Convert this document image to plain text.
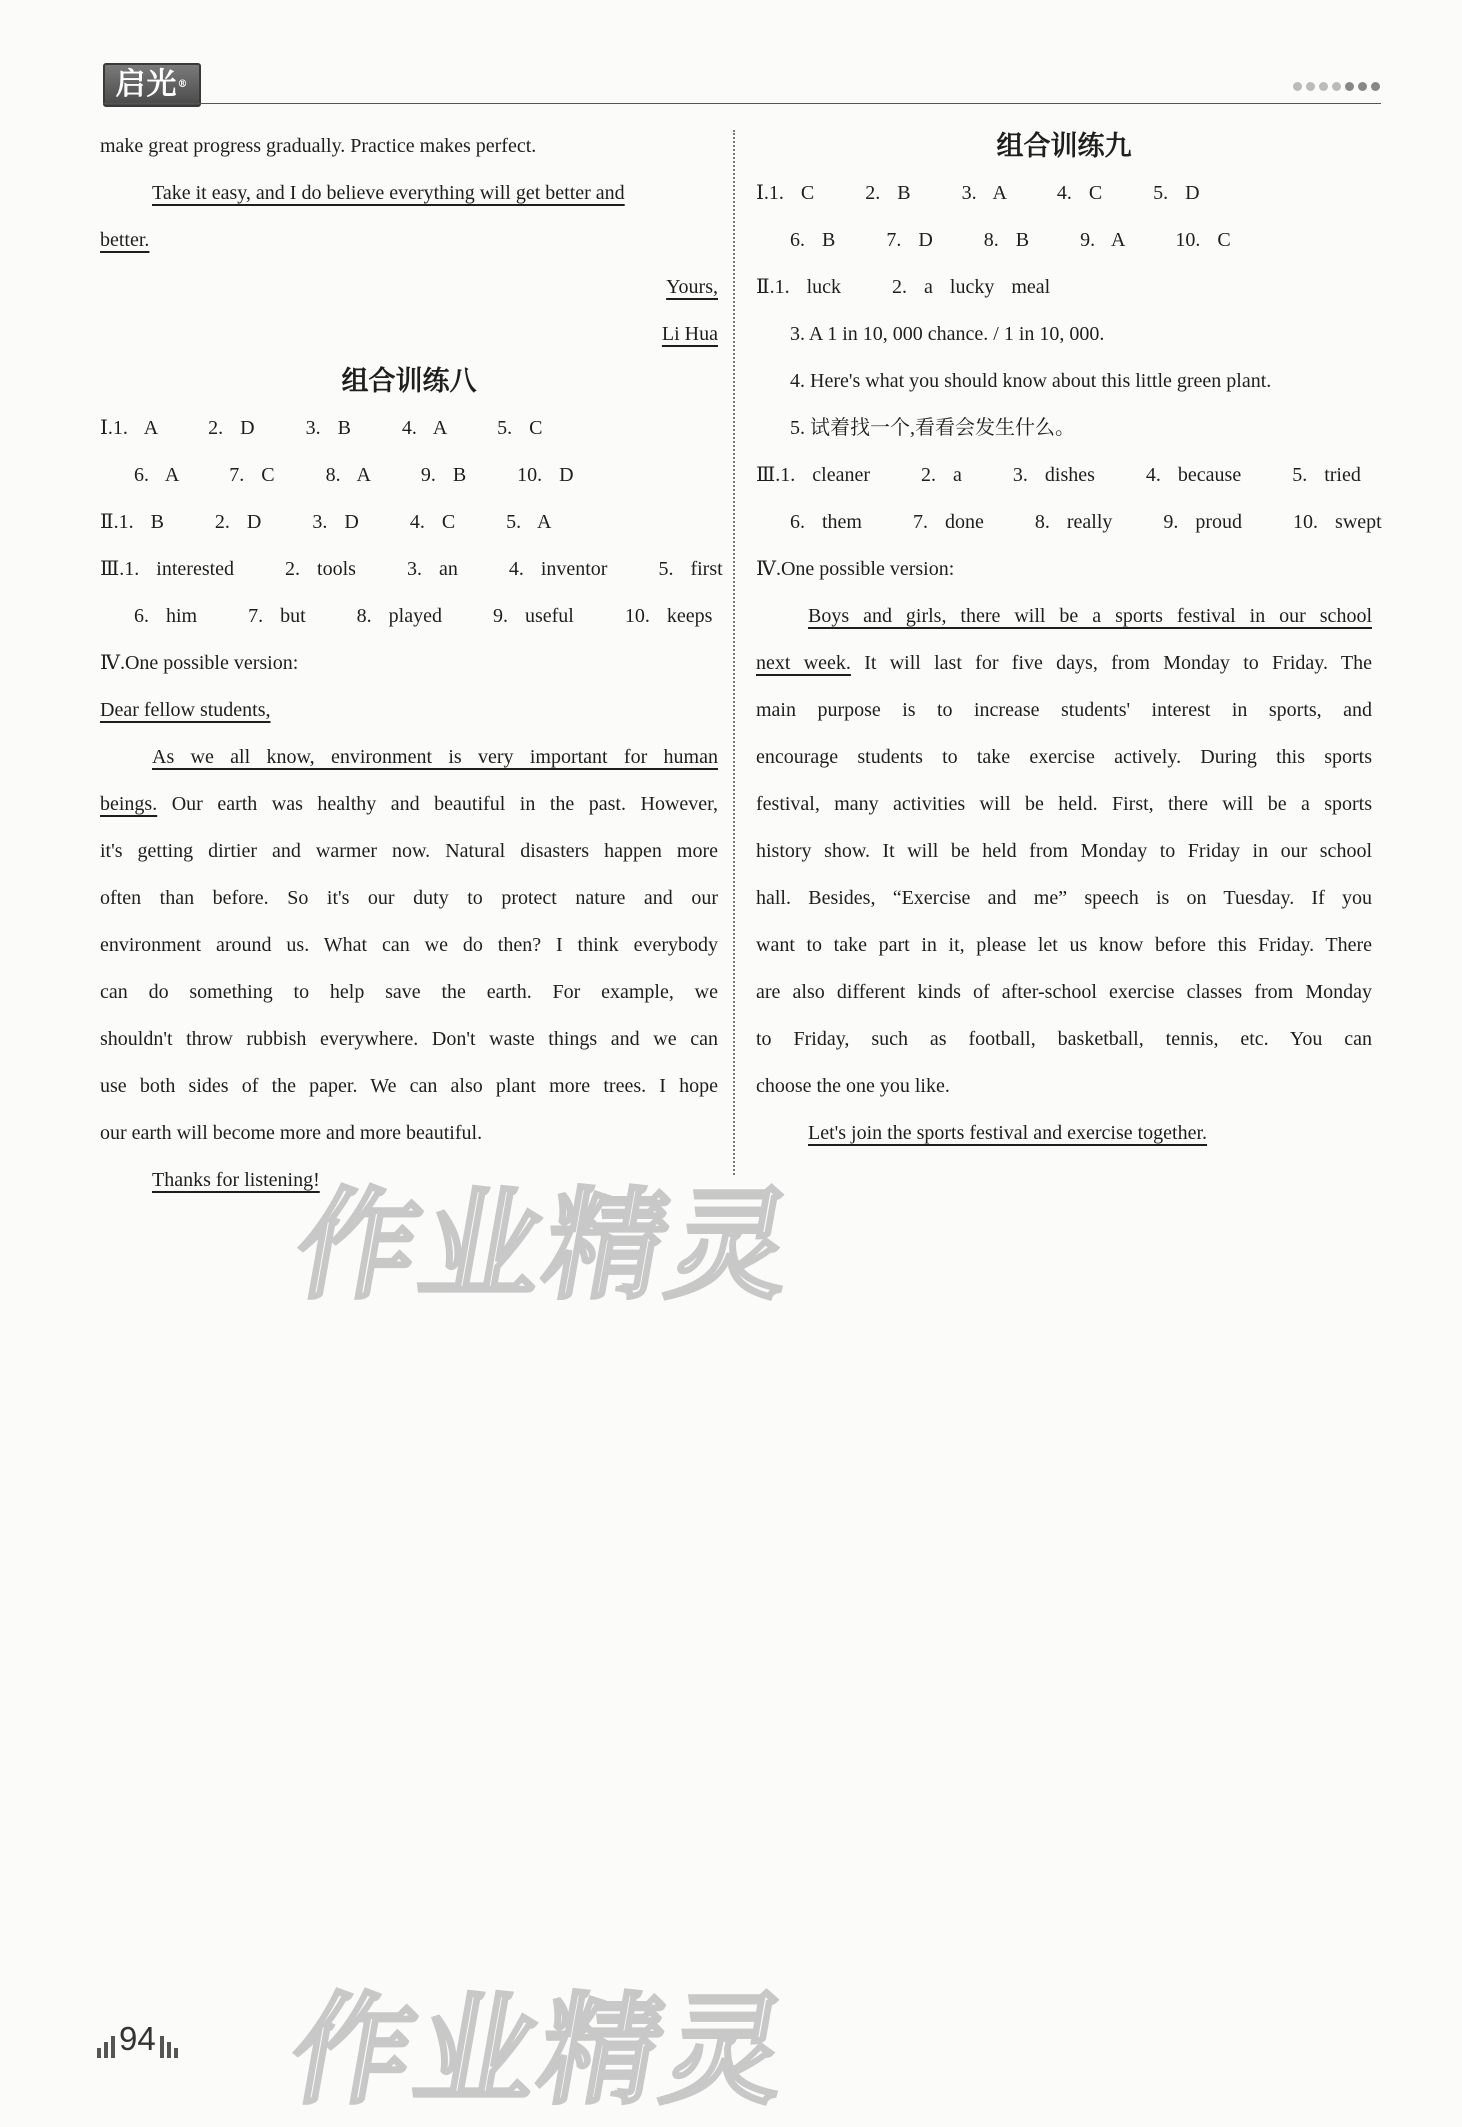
启光®
make great progress gradually. Practice makes perfect.
Take it easy, and I do believe everything will get better and
better.
Yours,
Li Hua
组合训练八
Ⅰ.1. A   2. D   3. B   4. A   5. C
6. A   7. C   8. A   9. B   10. D
Ⅱ.1. B   2. D   3. D   4. C   5. A
Ⅲ.1. interested   2. tools   3. an   4. inventor   5. first
6. him   7. but   8. played   9. useful   10. keeps
Ⅳ.One possible version:
Dear fellow students,
As we all know, environment is very important for human
beings. Our earth was healthy and beautiful in the past. However,
it's getting dirtier and warmer now. Natural disasters happen more
often than before. So it's our duty to protect nature and our
environment around us. What can we do then? I think everybody
can do something to help save the earth. For example, we
shouldn't throw rubbish everywhere. Don't waste things and we can
use both sides of the paper. We can also plant more trees. I hope
our earth will become more and more beautiful.
Thanks for listening!
组合训练九
Ⅰ.1. C   2. B   3. A   4. C   5. D
6. B   7. D   8. B   9. A   10. C
Ⅱ.1. luck   2. a lucky meal
3. A 1 in 10, 000 chance. / 1 in 10, 000.
4. Here's what you should know about this little green plant.
5. 试着找一个,看看会发生什么。
Ⅲ.1. cleaner   2. a   3. dishes   4. because   5. tried
6. them   7. done   8. really   9. proud   10. swept
Ⅳ.One possible version:
Boys and girls, there will be a sports festival in our school
next week. It will last for five days, from Monday to Friday. The
main purpose is to increase students' interest in sports, and
encourage students to take exercise actively. During this sports
festival, many activities will be held. First, there will be a sports
history show. It will be held from Monday to Friday in our school
hall. Besides, “Exercise and me” speech is on Tuesday. If you
want to take part in it, please let us know before this Friday. There
are also different kinds of after-school exercise classes from Monday
to Friday, such as football, basketball, tennis, etc. You can
choose the one you like.
Let's join the sports festival and exercise together.
作业精灵
作业精灵
94
